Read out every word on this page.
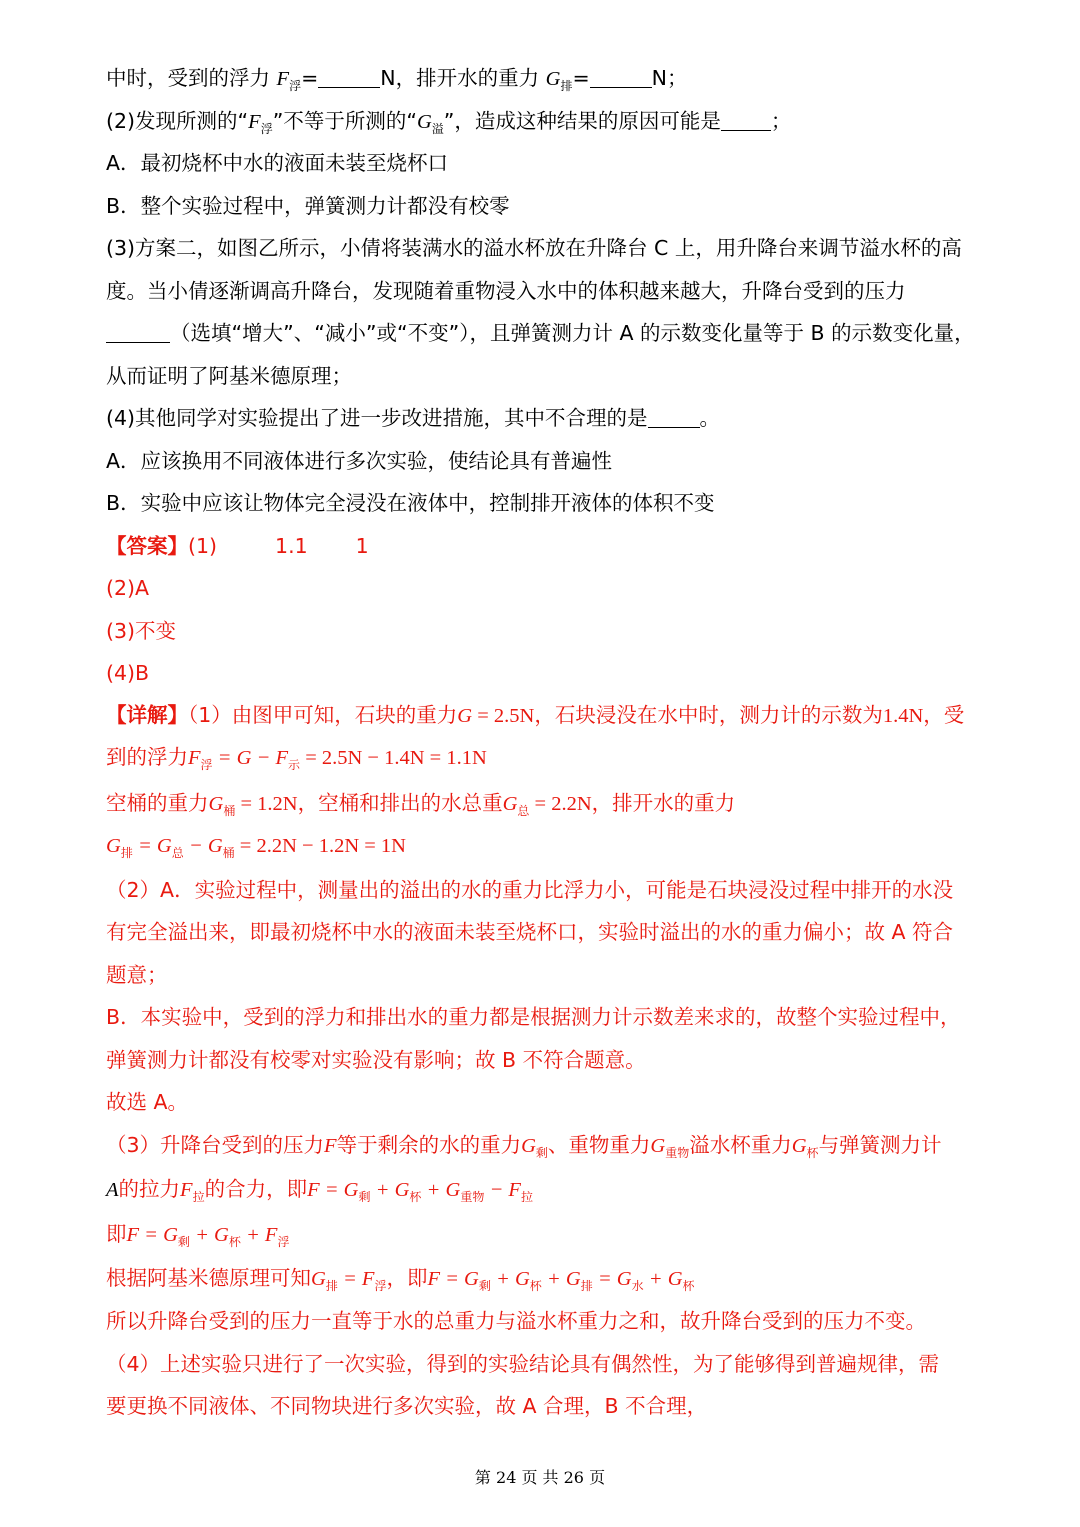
中时，受到的浮力 $F_浮=$	N，排开水的重力 $G_排=$	N；
(2)发现所测的“$F_浮$”不等于所测的“$G_溢$”，造成这种结果的原因可能是 ；
A．最初烧杯中水的液面未装至烧杯口
B．整个实验过程中，弹簧测力计都没有校零
(3)方案二，如图乙所示，小倩将装满水的溢水杯放在升降台 C 上，用升降台来调节溢水杯的高
度。当小倩逐渐调高升降台，发现随着重物浸入水中的体积越来越大，升降台受到的压力
（选填“增大”、“减小”或“不变”），且弹簧测力计 A 的示数变化量等于 B 的示数变化量，
从而证明了阿基米德原理；
(4)其他同学对实验提出了进一步改进措施，其中不合理的是	。
A．应该换用不同液体进行多次实验，使结论具有普遍性
B．实验中应该让物体完全浸没在液体中，控制排开液体的体积不变
【答案】(1)	1.1 1
(2)A
(3)不变
(4)B
【详解】（1）由图甲可知，石块的重力G = 2.5N，石块浸没在水中时，测力计的示数为1.4N，受
到的浮力$F_浮 = G - F_示 = 2.5N - 1.4N = 1.1N$
空桶的重力$G_桶 = 1.2N$，空桶和排出的水总重$G_总 = 2.2N$，排开水的重力
$G_排 = G_总 - G_桶 = 2.2N - 1.2N = 1N$
（2）A．实验过程中，测量出的溢出的水的重力比浮力小，可能是石块浸没过程中排开的水没
有完全溢出来，即最初烧杯中水的液面未装至烧杯口，实验时溢出的水的重力偏小；故 A 符合
题意；
B．本实验中，受到的浮力和排出水的重力都是根据测力计示数差来求的，故整个实验过程中，
弹簧测力计都没有校零对实验没有影响；故 B 不符合题意。
故选 A。
（3）升降台受到的压力F等于剩余的水的重力$G_剩$、重物重力$G_{重物}$溢水杯重力$G_杯$与弹簧测力计
A的拉力$F_拉$的合力，即$F = G_剩 + G_杯 + G_{重物} - F_拉$
即$F = G_剩 + G_杯 + F_浮$
根据阿基米德原理可知$G_排 = F_浮$，即$F = G_剩 + G_杯 + G_排 = G_水 + G_杯$
所以升降台受到的压力一直等于水的总重力与溢水杯重力之和，故升降台受到的压力不变。
（4）上述实验只进行了一次实验，得到的实验结论具有偶然性，为了能够得到普遍规律，需
要更换不同液体、不同物块进行多次实验，故 A 合理，B 不合理，
第 24 页 共 26 页
